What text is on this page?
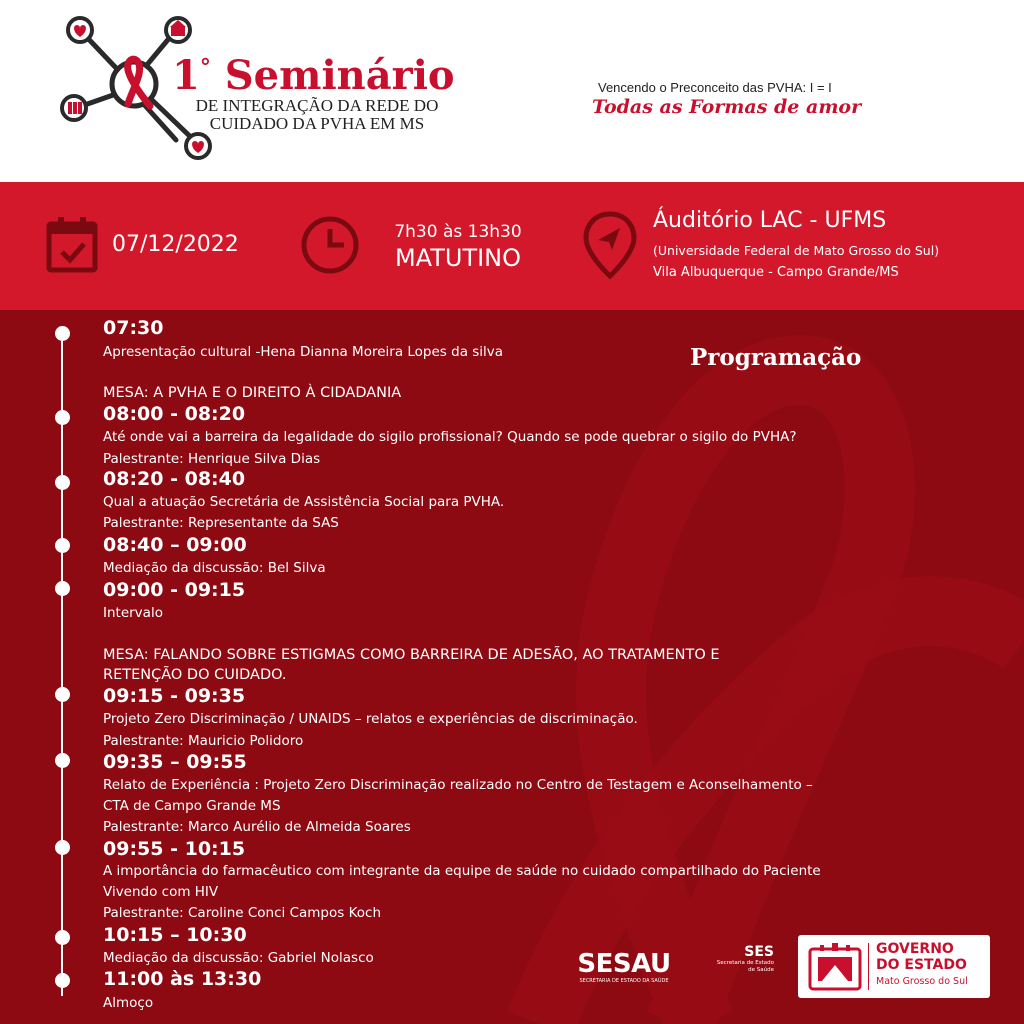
1° Seminário
DE INTEGRAÇÃO DA REDE DO
CUIDADO DA PVHA EM MS
Vencendo o Preconceito das PVHA: I = I
Todas as Formas de amor
07/12/2022	7h30 às 13h30
MATUTINO
Áuditório LAC - UFMS
(Universidade Federal de Mato Grosso do Sul)
Vila Albuquerque - Campo Grande/MS
Programação
07:30
Apresentação cultural -Hena Dianna Moreira Lopes da silva
MESA: A PVHA E O DIREITO À CIDADANIA
08:00 - 08:20
Até onde vai a barreira da legalidade do sigilo profissional? Quando se pode quebrar o sigilo do PVHA?
Palestrante: Henrique Silva Dias
08:20 - 08:40
Qual a atuação Secretária de Assistência Social para PVHA.
Palestrante: Representante da SAS
08:40 – 09:00
Mediação da discussão: Bel Silva
09:00 - 09:15
Intervalo
MESA: FALANDO SOBRE ESTIGMAS COMO BARREIRA DE ADESÃO, AO TRATAMENTO E
RETENÇÃO DO CUIDADO.
09:15 - 09:35
Projeto Zero Discriminação / UNAIDS – relatos e experiências de discriminação.
Palestrante: Mauricio Polidoro
09:35 – 09:55
Relato de Experiência : Projeto Zero Discriminação realizado no Centro de Testagem e Aconselhamento –
CTA de Campo Grande MS
Palestrante: Marco Aurélio de Almeida Soares
09:55 - 10:15
A importância do farmacêutico com integrante da equipe de saúde no cuidado compartilhado do Paciente
Vivendo com HIV
Palestrante: Caroline Conci Campos Koch
10:15 – 10:30
Mediação da discussão: Gabriel Nolasco
11:00 às 13:30
Almoço
SESAU
SECRETARIA DE ESTADO DA SAÚDE
SES
Secretaria de Estado
de Saúde
GOVERNO
DO ESTADO
Mato Grosso do Sul
